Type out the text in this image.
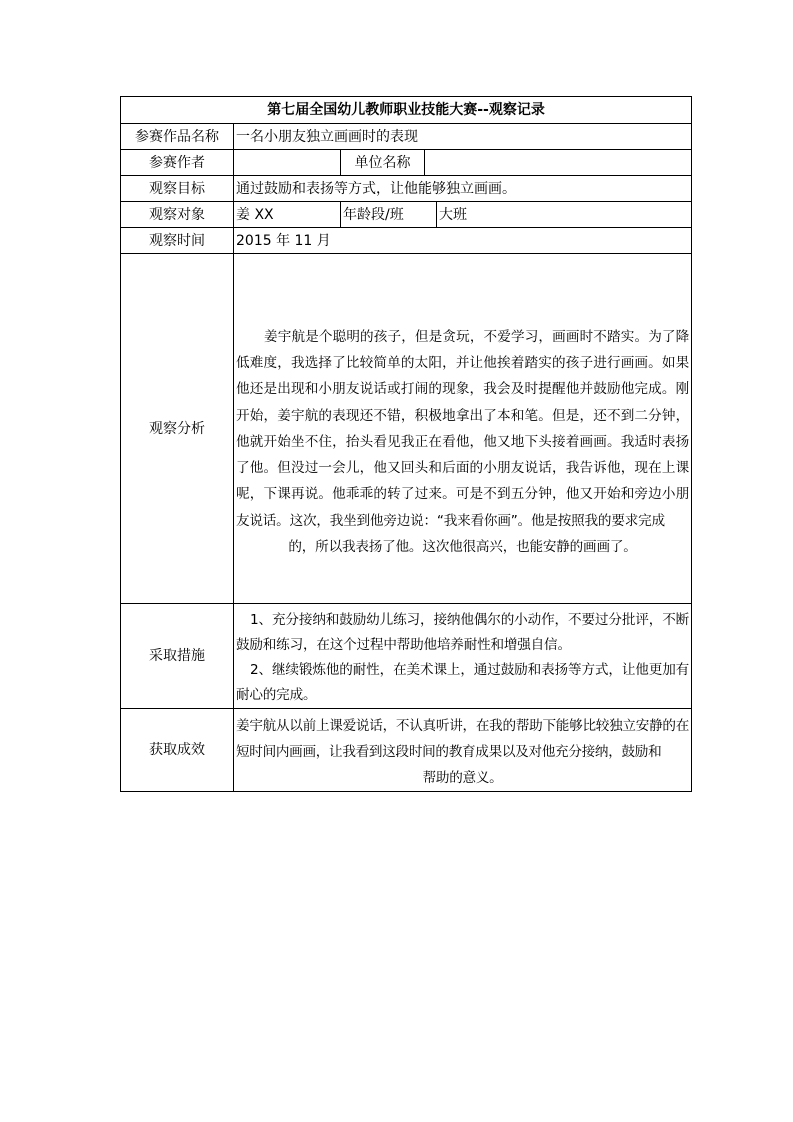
第七届全国幼儿教师职业技能大赛--观察记录				
参赛作品名称	一名小朋友独立画画时的表现			
参赛作者		单位名称		
观察目标	通过鼓励和表扬等方式，让他能够独立画画。			
观察对象	姜 XX	年龄段/班		大班
观察时间	2015 年 11 月			
观察分析	姜宇航是个聪明的孩子，但是贪玩，不爱学习，画画时不踏实。为了降低难度，我选择了比较简单的太阳，并让他挨着踏实的孩子进行画画。如果他还是出现和小朋友说话或打闹的现象，我会及时提醒他并鼓励他完成。刚开始，姜宇航的表现还不错，积极地拿出了本和笔。但是，还不到二分钟，他就开始坐不住，抬头看见我正在看他，他又地下头接着画画。我适时表扬了他。但没过一会儿，他又回头和后面的小朋友说话，我告诉他，现在上课呢，下课再说。他乖乖的转了过来。可是不到五分钟，他又开始和旁边小朋友说话。这次，我坐到他旁边说：“我来看你画”。他是按照我的要求完成
的，所以我表扬了他。这次他很高兴，也能安静的画画了。			

采取措施	1、充分接纳和鼓励幼儿练习，接纳他偶尔的小动作，不要过分批评，不断鼓励和练习，在这个过程中帮助他培养耐性和增强自信。

2、继续锻炼他的耐性，在美术课上，通过鼓励和表扬等方式，让他更加有耐心的完成。			

获取成效	姜宇航从以前上课爱说话，不认真听讲，在我的帮助下能够比较独立安静的在短时间内画画，让我看到这段时间的教育成果以及对他充分接纳，鼓励和
帮助的意义。			
